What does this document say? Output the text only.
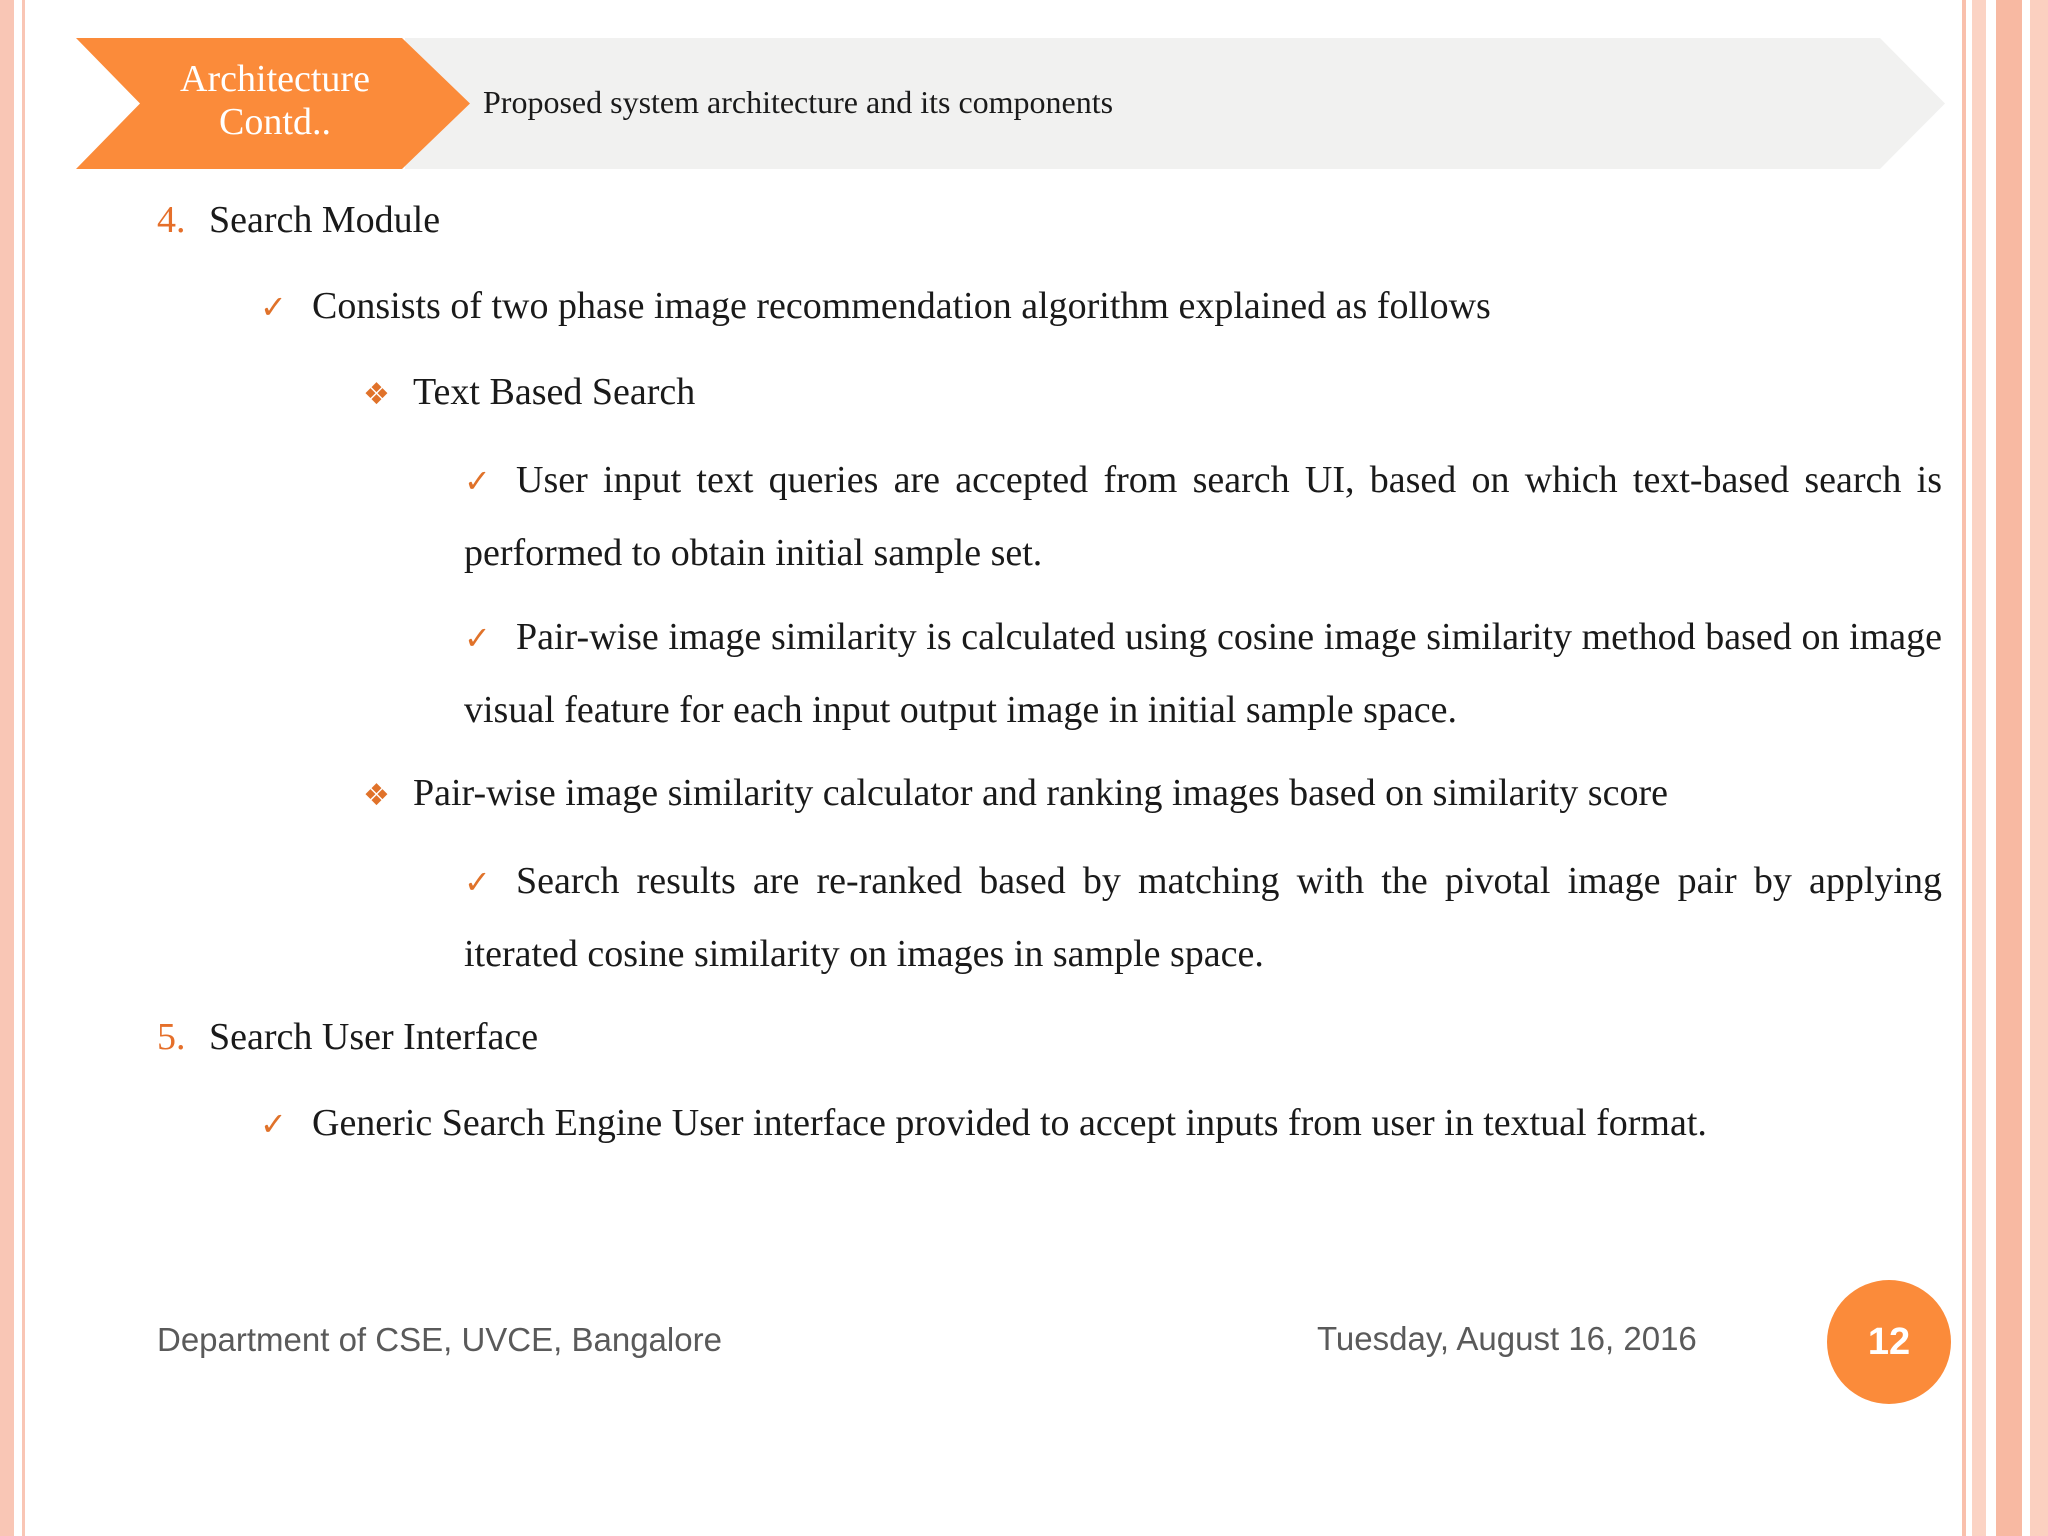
Architecture
Contd..	Proposed system architecture and its components
4. Search Module
✓ Consists of two phase image recommendation algorithm explained as follows
❖ Text Based Search
✓ User input text queries are accepted from search UI, based on which text-based search is performed to obtain initial sample set.
✓ Pair-wise image similarity is calculated using cosine image similarity method based on image visual feature for each input output image in initial sample space.
❖ Pair-wise image similarity calculator and ranking images based on similarity score
✓ Search results are re-ranked based by matching with the pivotal image pair by applying iterated cosine similarity on images in sample space.
5. Search User Interface
✓ Generic Search Engine User interface provided to accept inputs from user in textual format.
Department of CSE, UVCE, Bangalore	Tuesday, August 16, 2016	12
